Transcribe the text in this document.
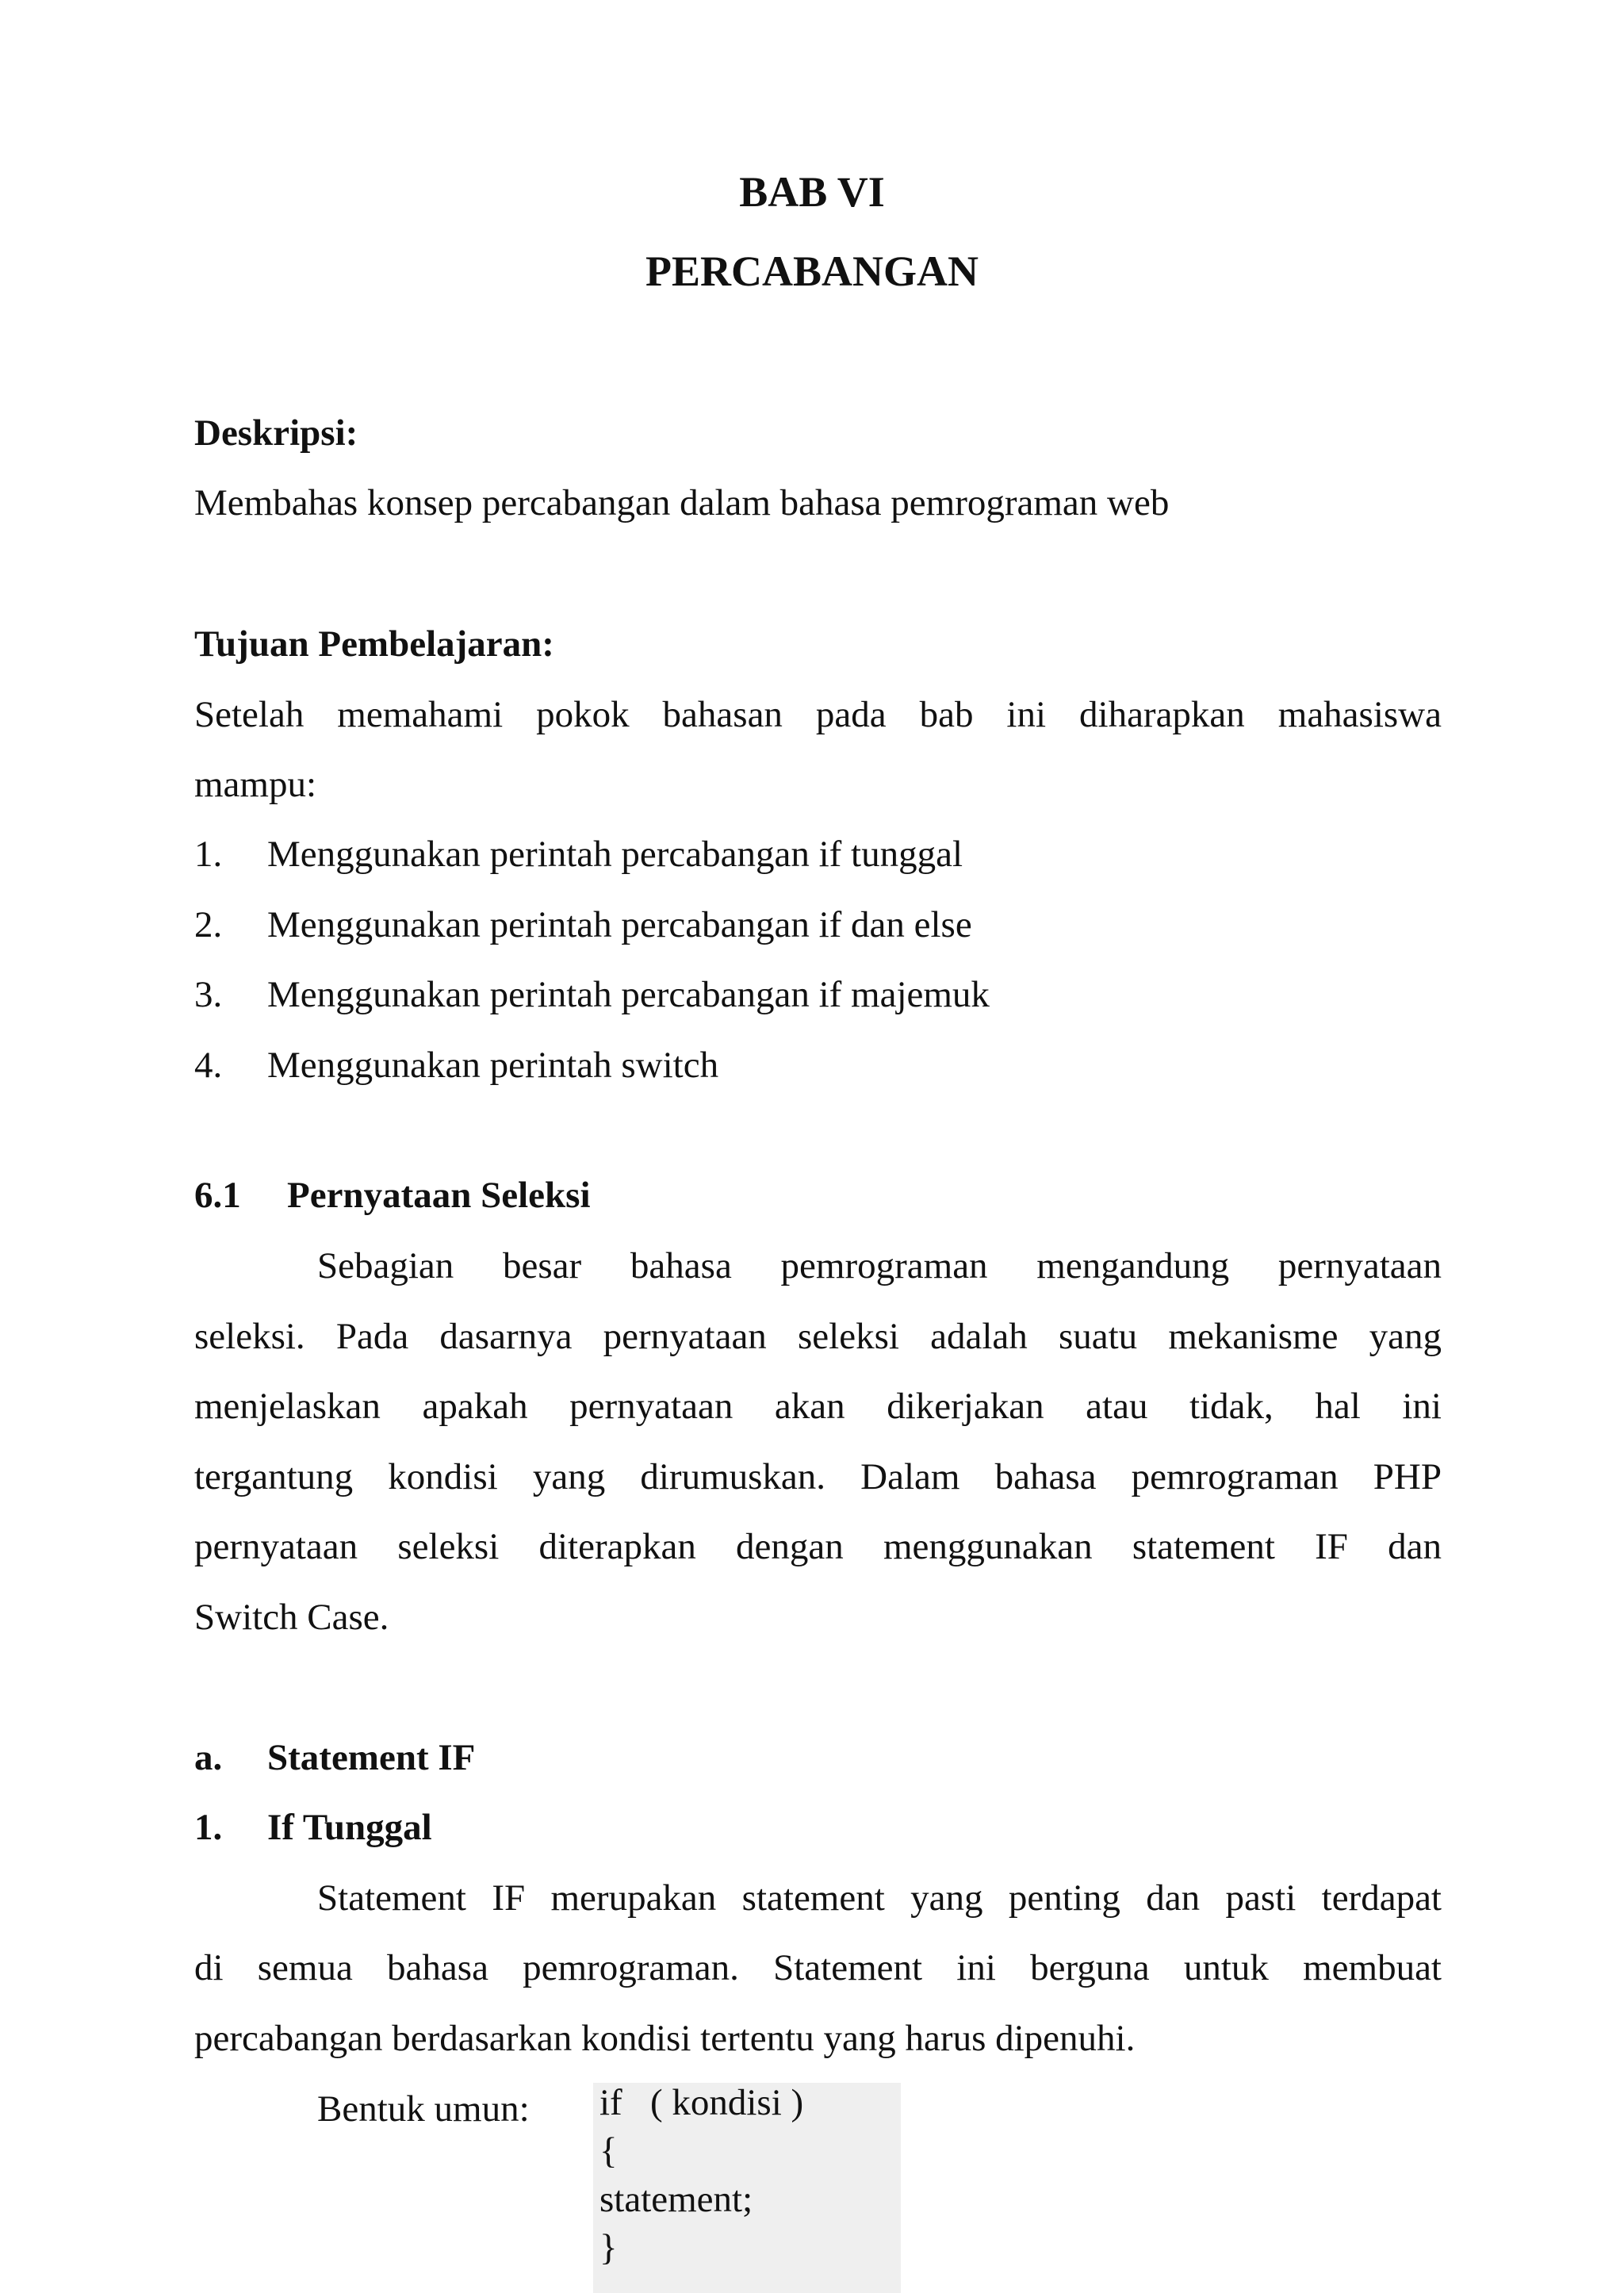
BAB VI
PERCABANGAN

Deskripsi:

Membahas konsep percabangan dalam bahasa pemrograman web

Tujuan Pembelajaran:

Setelah memahami pokok bahasan pada bab ini diharapkan mahasiswa

mampu:

1. Menggunakan perintah percabangan if tunggal
2. Menggunakan perintah percabangan if dan else
3. Menggunakan perintah percabangan if majemuk
4. Menggunakan perintah switch
6.1 Pernyataan Seleksi

Sebagian besar bahasa pemrograman mengandung pernyataan

seleksi. Pada dasarnya pernyataan seleksi adalah suatu mekanisme yang

menjelaskan apakah pernyataan akan dikerjakan atau tidak, hal ini

tergantung kondisi yang dirumuskan. Dalam bahasa pemrograman PHP

pernyataan seleksi diterapkan dengan menggunakan statement IF dan

Switch Case.

a. Statement IF
1. If Tunggal

Statement IF merupakan statement yang penting dan pasti terdapat

di semua bahasa pemrograman. Statement ini berguna untuk membuat

percabangan berdasarkan kondisi tertentu yang harus dipenuhi.

Bentuk umun: if   ( kondisi )
{
statement;
}
